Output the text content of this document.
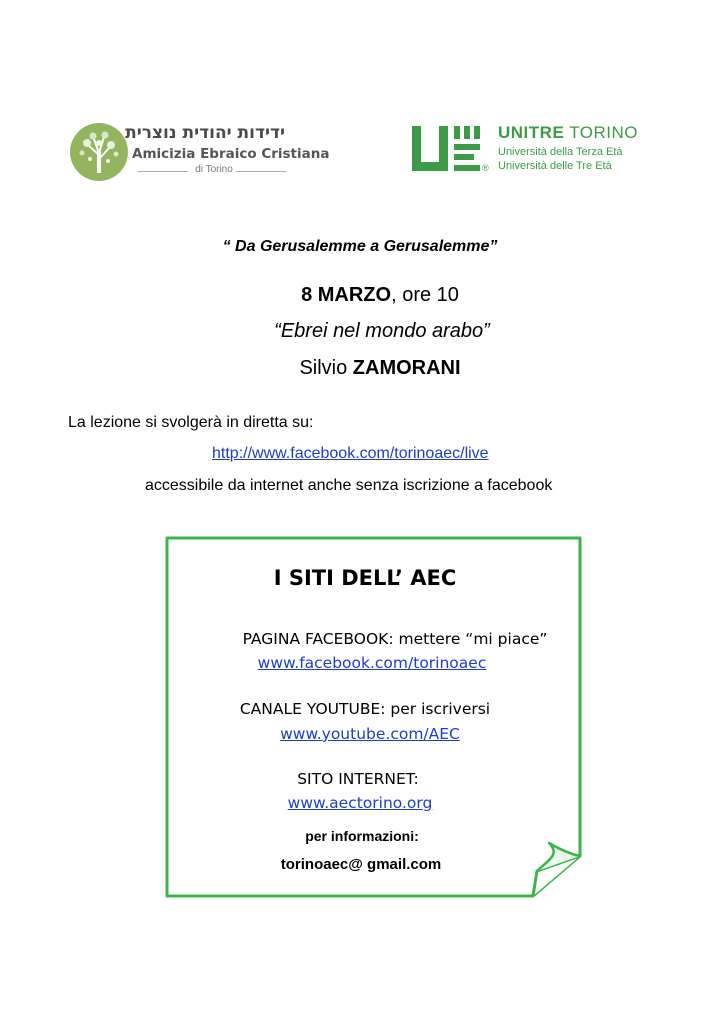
ידידות יהודית נוצרית
Amicizia Ebraico Cristiana
di Torino	®
UNITRE TORINO
Università della Terza Età
Università delle Tre Età
“ Da Gerusalemme a Gerusalemme”
8 MARZO, ore 10
“Ebrei nel mondo arabo”
Silvio ZAMORANI
La lezione si svolgerà in diretta su:
http://www.facebook.com/torinoaec/live
accessibile da internet anche senza iscrizione a facebook
I SITI DELL’ AEC
PAGINA FACEBOOK: mettere “mi piace”
www.facebook.com/torinoaec
CANALE YOUTUBE: per iscriversi
www.youtube.com/AEC
SITO INTERNET:
www.aectorino.org
per informazioni:
torinoaec@ gmail.com
